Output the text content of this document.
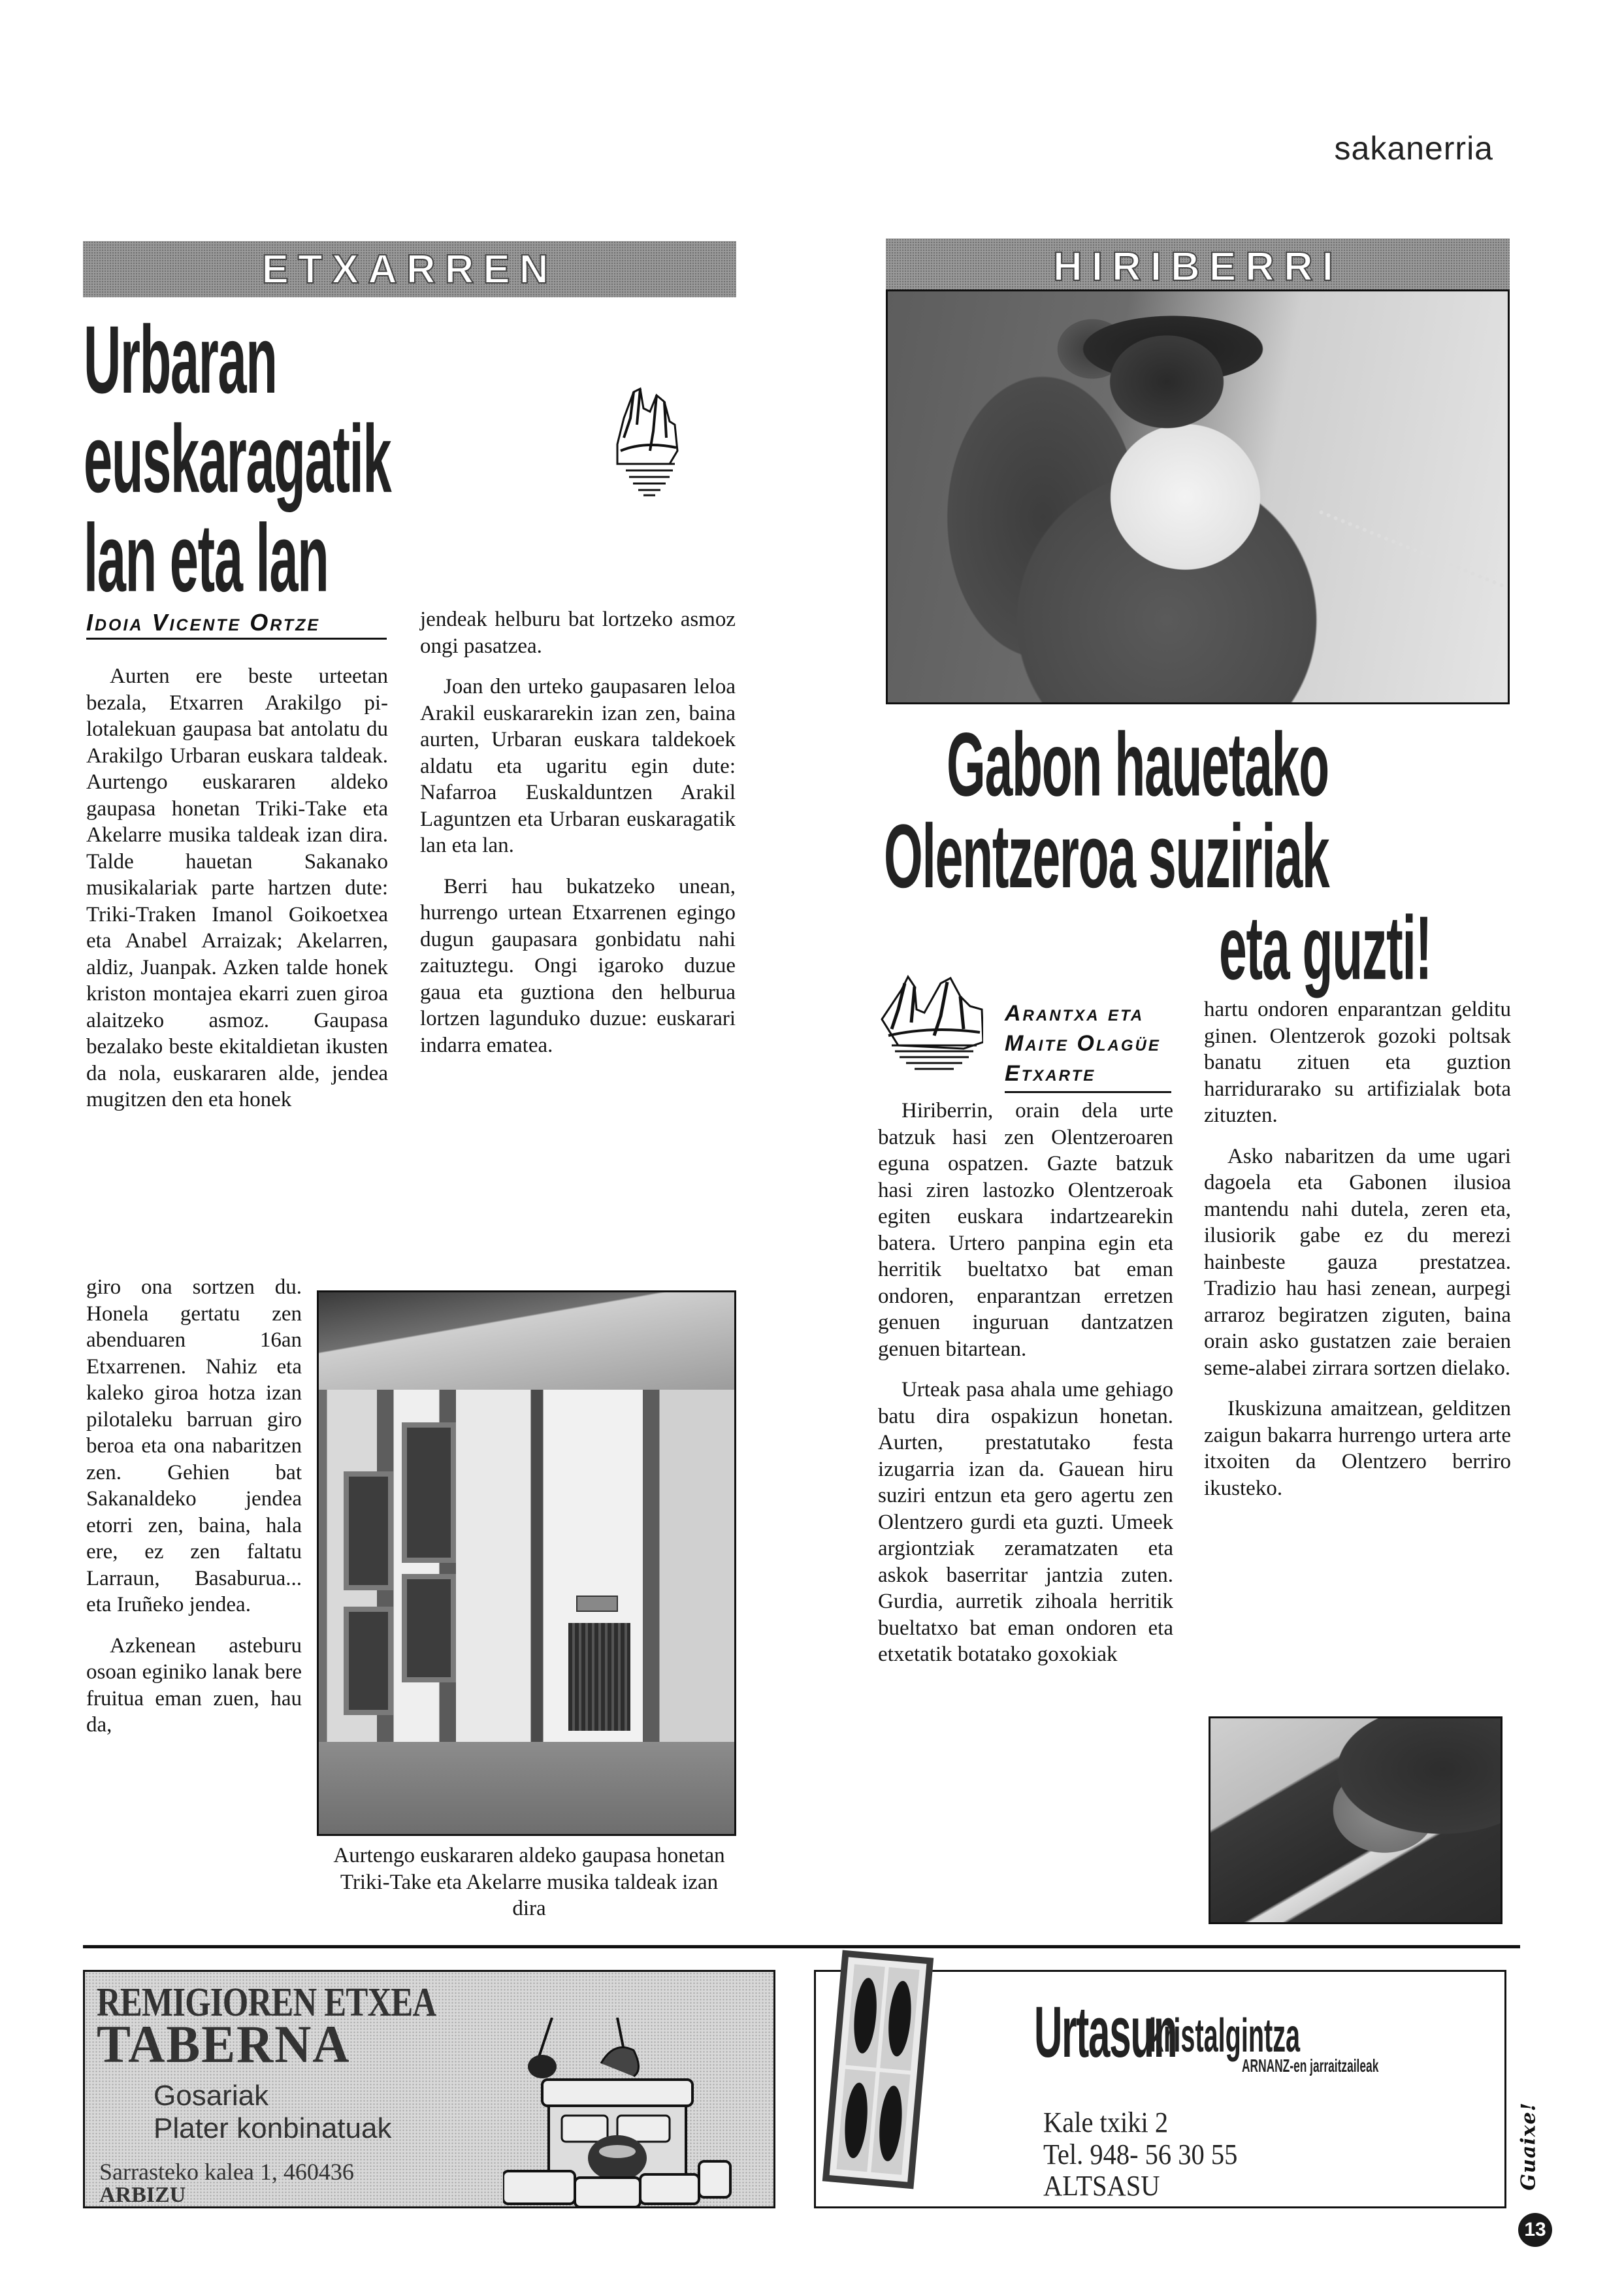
sakanerria
ETXARREN
Urbaran
euskaragatik
lan eta lan
Idoia Vicente Ortze

Aurten ere beste urteetan bezala, Etxarren Arakilgo pilotalekuan gaupasa bat antolatu du Arakilgo Urbaran euskara taldeak. Aurtengo euskararen aldeko gaupasa honetan Triki-Take eta Akelarre musika taldeak izan dira. Talde hauetan Sakanako musikalariak parte hartzen dute: Triki-Traken Imanol Goikoetxea eta Anabel Arraizak; Akelarren, aldiz, Juanpak. Azken talde honek kriston montajea ekarri zuen giroa alaitzeko asmoz. Gaupasa bezalako beste ekitaldietan ikusten da nola, euskararen alde, jendea mugitzen den eta honek

giro ona sortzen du. Honela gertatu zen abenduaren 16an Etxarrenen. Nahiz eta kaleko giroa hotza izan pilotaleku barruan giro beroa eta ona nabaritzen zen. Gehien bat Sakanaldeko jendea etorri zen, baina, hala ere, ez zen faltatu Larraun, Basaburua... eta Iruñeko jendea.

Azkenean asteburu osoan eginiko lanak bere fruitua eman zuen, hau da,

jendeak helburu bat lortzeko asmoz ongi pasatzea.

Joan den urteko gaupasaren leloa Arakil euskararekin izan zen, baina aurten, Urbaran euskara taldekoek aldatu eta ugaritu egin dute: Nafarroa Euskalduntzen Arakil Laguntzen eta Urbaran euskaragatik lan eta lan.

Berri hau bukatzeko unean, hurrengo urtean Etxarrenen egingo dugun gaupasara gonbidatu nahi zaituztegu. Ongi igaroko duzue gaua eta guztiona den helburua lortzen lagunduko duzue: euskarari indarra ematea.

Aurtengo euskararen aldeko gaupasa honetan Triki-Take eta Akelarre musika taldeak izan dira
HIRIBERRI
Gabon hauetako
Olentzeroa suziriak
eta guzti!
Arantxa eta
Maite Olagüe
Etxarte

Hiriberrin, orain dela urte batzuk hasi zen Olentzeroaren eguna ospatzen. Gazte batzuk hasi ziren lastozko Olentzeroak egiten euskara indartzearekin batera. Urtero panpina egin eta herritik bueltatxo bat eman ondoren, enparantzan erretzen genuen inguruan dantzatzen genuen bitartean.

Urteak pasa ahala ume gehiago batu dira ospakizun honetan. Aurten, prestatutako festa izugarria izan da. Gauean hiru suziri entzun eta gero agertu zen Olentzero gurdi eta guzti. Umeek argiontziak zeramatzaten eta askok baserritar jantzia zuten. Gurdia, aurretik zihoala herritik bueltatxo bat eman ondoren eta etxetatik botatako goxokiak

hartu ondoren enparantzan gelditu ginen. Olentzerok gozoki poltsak banatu zituen eta guztion harridurarako su artifizialak bota zituzten.

Asko nabaritzen da ume ugari dagoela eta Gabonen ilusioa mantendu nahi dutela, zeren eta, ilusiorik gabe ez du merezi hainbeste gauza prestatzea. Tradizio hau hasi zenean, aurpegi arraroz begiratzen ziguten, baina orain asko gustatzen zaie beraien seme-alabei zirrara sortzen dielako.

Ikuskizuna amaitzean, gelditzen zaigun bakarra hurrengo urtera arte itxoiten da Olentzero berriro ikusteko.

REMIGIOREN ETXEA
TABERNA
Gosariak
Plater konbinatuak
Sarrasteko kalea 1, 460436
ARBIZU
Urtasun
kristalgintza
ARNANZ-en jarraitzaileak
Kale txiki 2
Tel. 948- 56 30 55
ALTSASU	Guaixe!
13
